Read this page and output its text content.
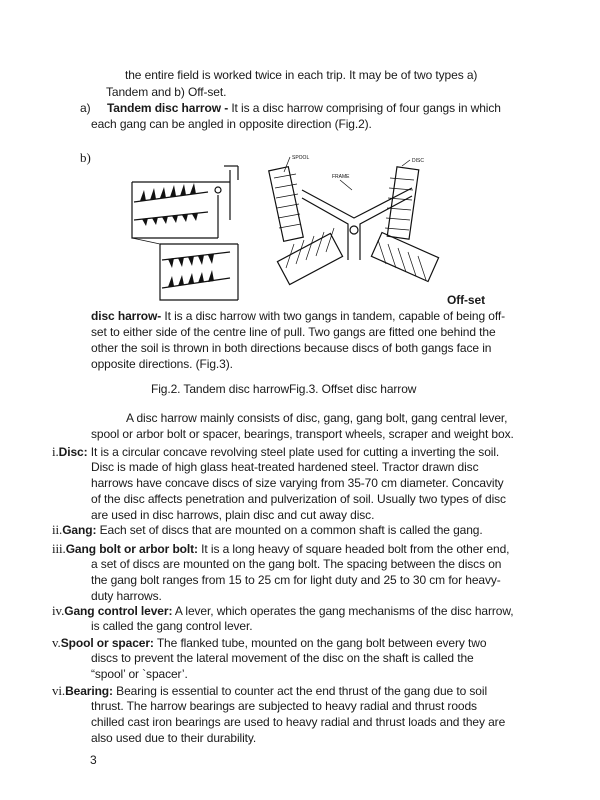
the entire field is worked twice in each trip. It may be of two types a)
Tandem and b) Off-set.
a) Tandem disc harrow - It is a disc harrow comprising of four gangs in which
each gang can be angled in opposite direction (Fig.2).
b)	SPOOL	DISC
FRAME
Off-set
disc harrow- It is a disc harrow with two gangs in tandem, capable of being off-
set to either side of the centre line of pull. Two gangs are fitted one behind the
other the soil is thrown in both directions because discs of both gangs face in
opposite directions. (Fig.3).
Fig.2. Tandem disc harrowFig.3. Offset disc harrow
A disc harrow mainly consists of disc, gang, gang bolt, gang central lever,
spool or arbor bolt or spacer, bearings, transport wheels, scraper and weight box.
i.Disc: It is a circular concave revolving steel plate used for cutting a inverting the soil.
Disc is made of high glass heat-treated hardened steel. Tractor drawn disc
harrows have concave discs of size varying from 35-70 cm diameter. Concavity
of the disc affects penetration and pulverization of soil. Usually two types of disc
are used in disc harrows, plain disc and cut away disc.
ii.Gang: Each set of discs that are mounted on a common shaft is called the gang.
iii.Gang bolt or arbor bolt: It is a long heavy of square headed bolt from the other end,
a set of discs are mounted on the gang bolt. The spacing between the discs on
the gang bolt ranges from 15 to 25 cm for light duty and 25 to 30 cm for heavy-
duty harrows.
iv.Gang control lever: A lever, which operates the gang mechanisms of the disc harrow,
is called the gang control lever.
v.Spool or spacer: The flanked tube, mounted on the gang bolt between every two
discs to prevent the lateral movement of the disc on the shaft is called the
“spool’ or `spacer’.
vi.Bearing: Bearing is essential to counter act the end thrust of the gang due to soil
thrust. The harrow bearings are subjected to heavy radial and thrust roods
chilled cast iron bearings are used to heavy radial and thrust loads and they are
also used due to their durability.
3
